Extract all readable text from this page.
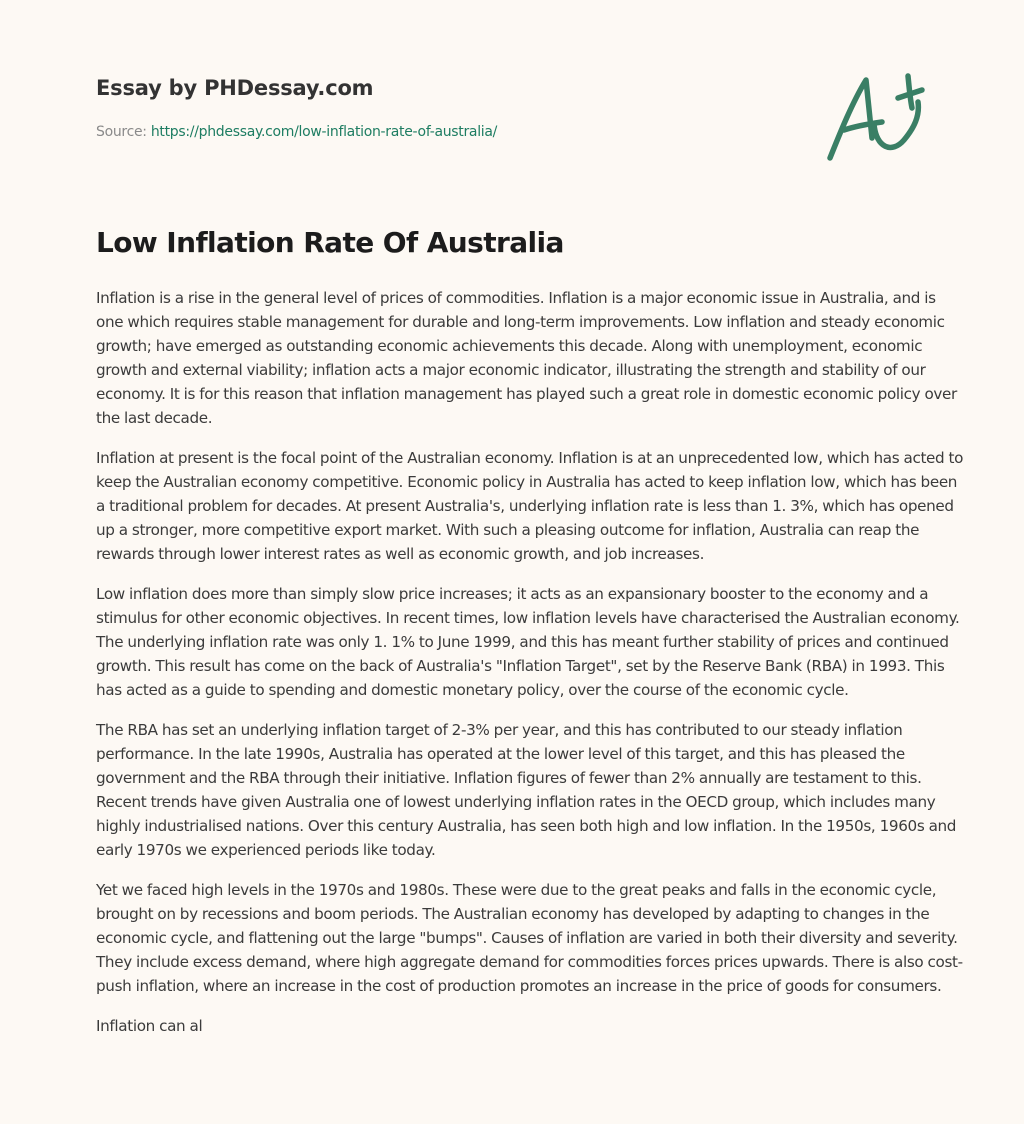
Essay by PHDessay.com
Source: https://phdessay.com/low-inflation-rate-of-australia/
Low Inflation Rate Of Australia

Inflation is a rise in the general level of prices of commodities. Inflation is a major economic issue in Australia, and is one which requires stable management for durable and long-term improvements. Low inflation and steady economic growth; have emerged as outstanding economic achievements this decade. Along with unemployment, economic growth and external viability; inflation acts a major economic indicator, illustrating the strength and stability of our economy. It is for this reason that inflation management has played such a great role in domestic economic policy over the last decade.

Inflation at present is the focal point of the Australian economy. Inflation is at an unprecedented low, which has acted to keep the Australian economy competitive. Economic policy in Australia has acted to keep inflation low, which has been a traditional problem for decades. At present Australia's, underlying inflation rate is less than 1. 3%, which has opened up a stronger, more competitive export market. With such a pleasing outcome for inflation, Australia can reap the rewards through lower interest rates as well as economic growth, and job increases.

Low inflation does more than simply slow price increases; it acts as an expansionary booster to the economy and a stimulus for other economic objectives. In recent times, low inflation levels have characterised the Australian economy. The underlying inflation rate was only 1. 1% to June 1999, and this has meant further stability of prices and continued growth. This result has come on the back of Australia's "Inflation Target", set by the Reserve Bank (RBA) in 1993. This has acted as a guide to spending and domestic monetary policy, over the course of the economic cycle.

The RBA has set an underlying inflation target of 2-3% per year, and this has contributed to our steady inflation performance. In the late 1990s, Australia has operated at the lower level of this target, and this has pleased the government and the RBA through their initiative. Inflation figures of fewer than 2% annually are testament to this. Recent trends have given Australia one of lowest underlying inflation rates in the OECD group, which includes many highly industrialised nations. Over this century Australia, has seen both high and low inflation. In the 1950s, 1960s and early 1970s we experienced periods like today.

Yet we faced high levels in the 1970s and 1980s. These were due to the great peaks and falls in the economic cycle, brought on by recessions and boom periods. The Australian economy has developed by adapting to changes in the economic cycle, and flattening out the large "bumps". Causes of inflation are varied in both their diversity and severity. They include excess demand, where high aggregate demand for commodities forces prices upwards. There is also cost-push inflation, where an increase in the cost of production promotes an increase in the price of goods for consumers.

Inflation can al
